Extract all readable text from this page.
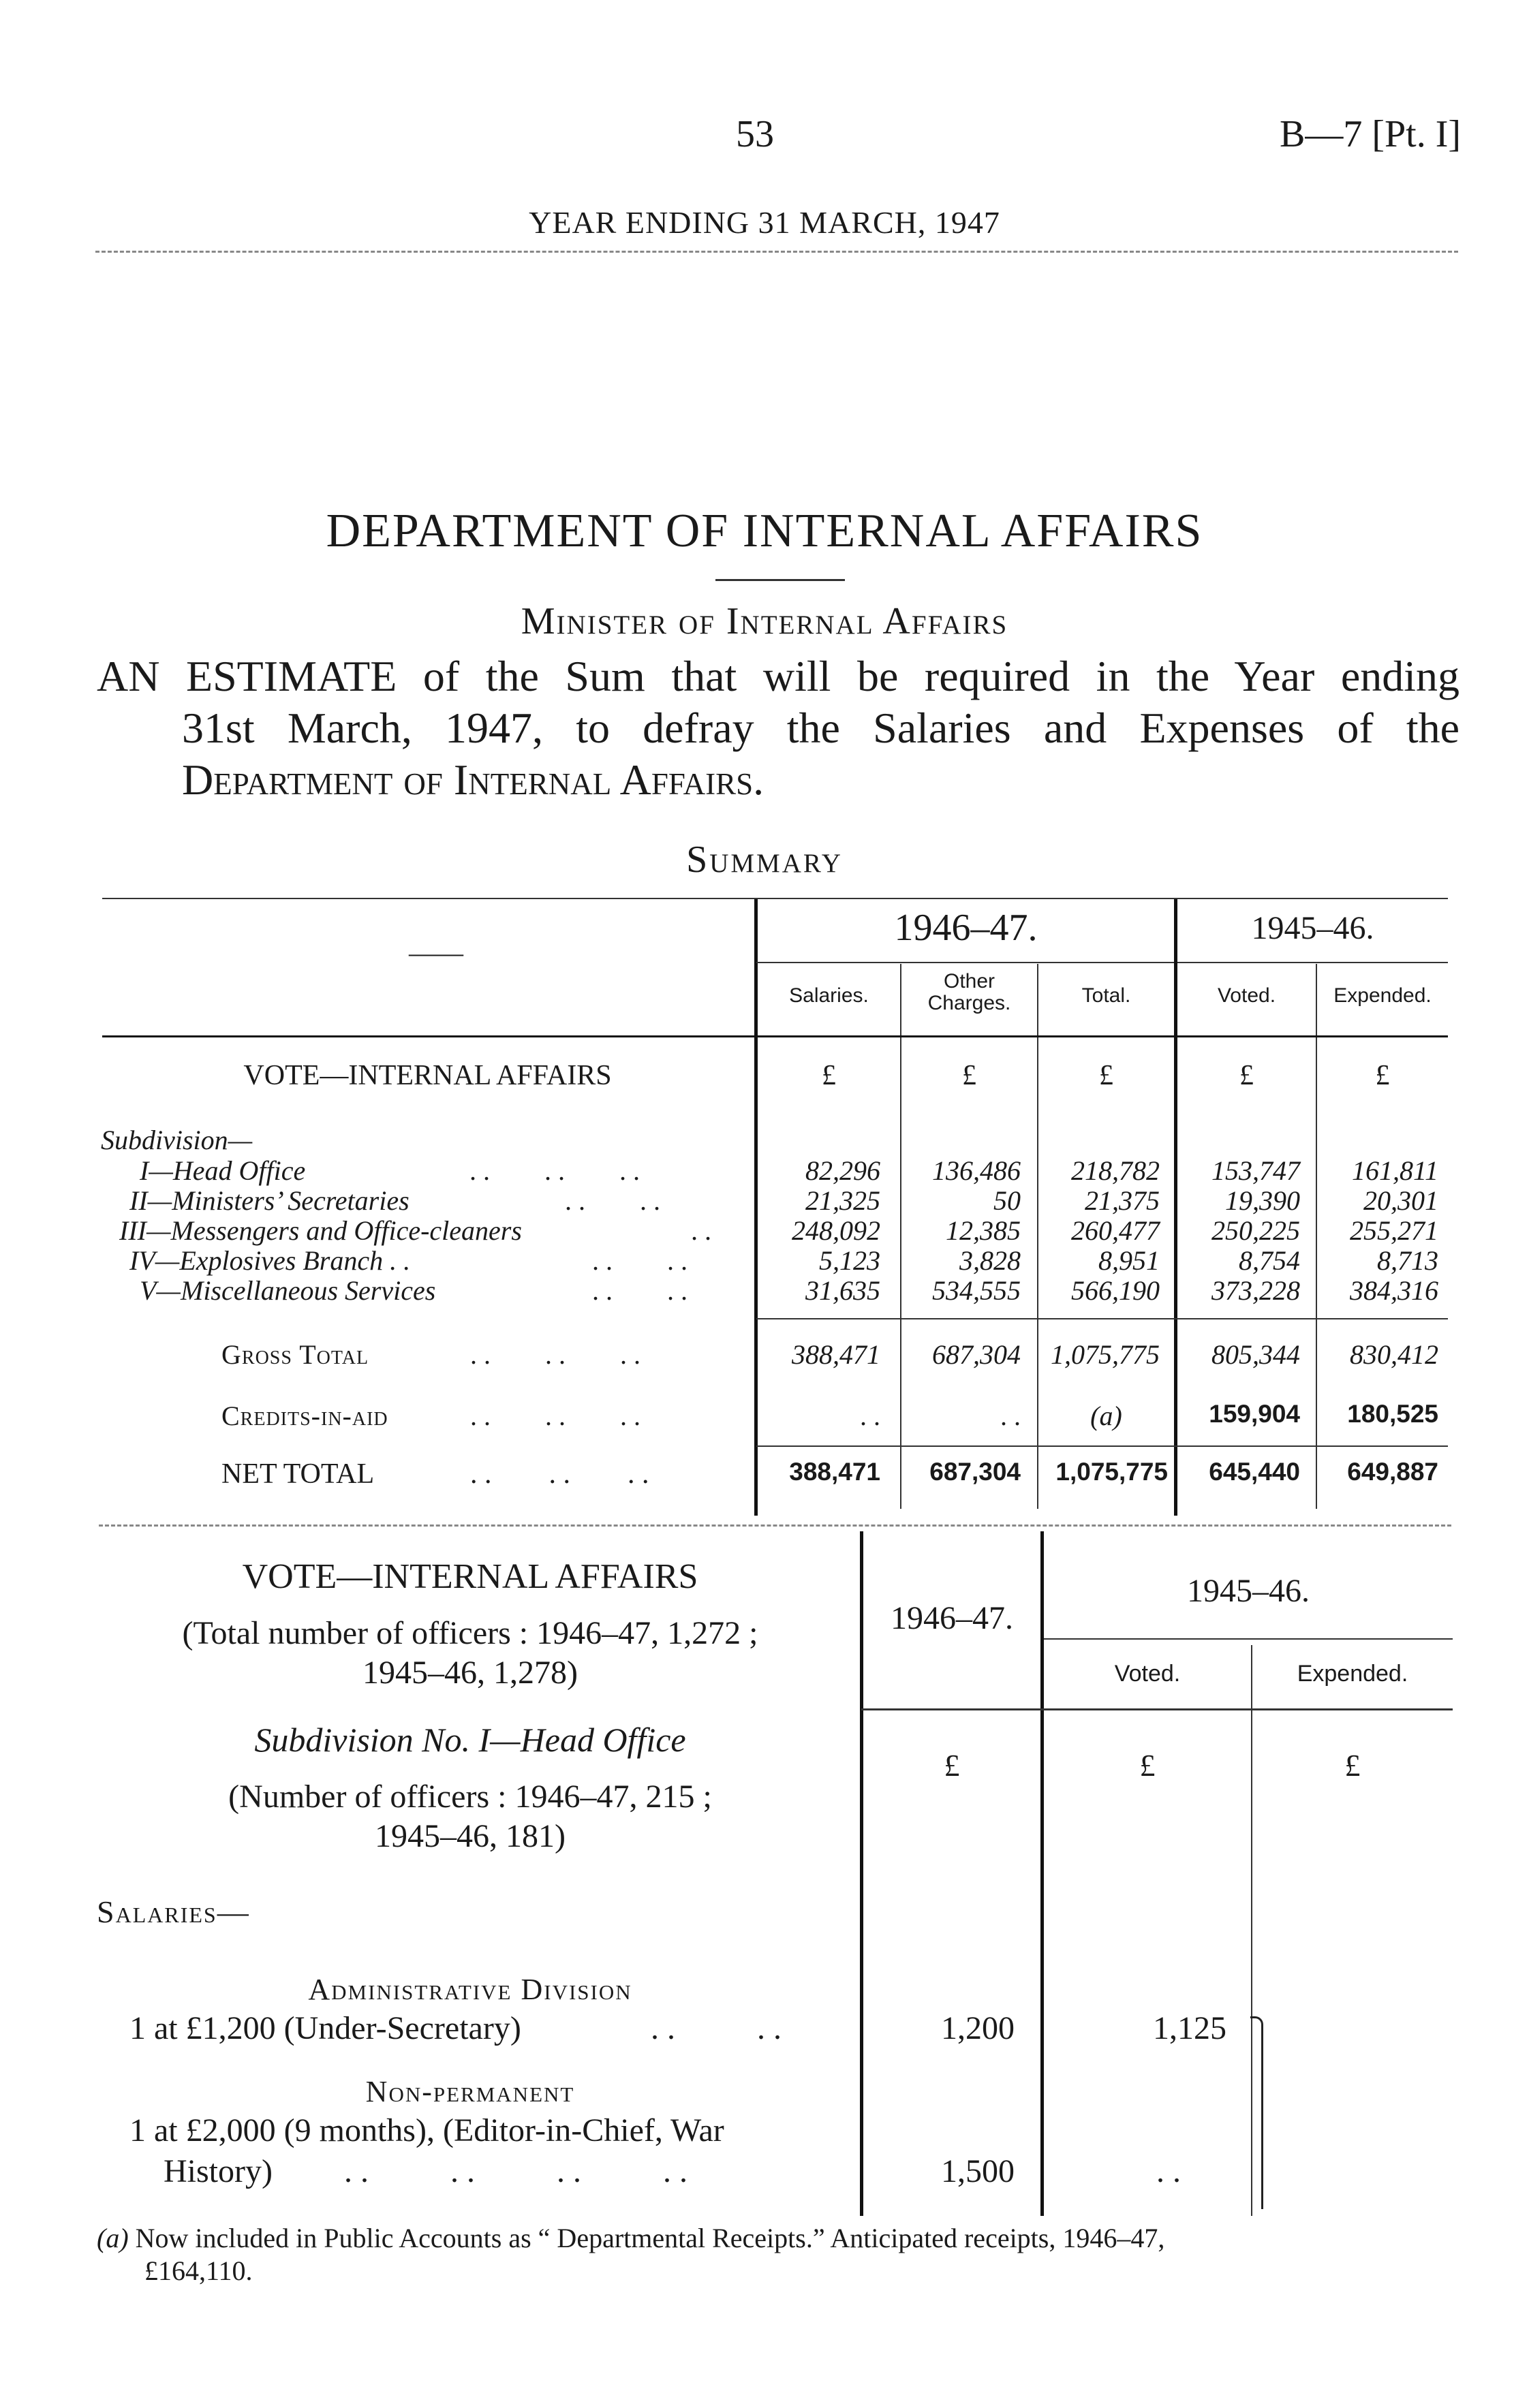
53	B—7 [Pt. I]
YEAR ENDING 31 MARCH, 1947
DEPARTMENT OF INTERNAL AFFAIRS
Minister of Internal Affairs
AN ESTIMATE of the Sum that will be required in the Year ending
31st March, 1947, to defray the Salaries and Expenses of the
Department of Internal Affairs.
Summary
——
1946–47.	1945–46.
Salaries.
Other
Charges.	Total.	Voted.	Expended.
VOTE—INTERNAL AFFAIRS	£	£	£	£	£
Subdivision—
I—Head Office	. .        . .        . .	82,296	136,486	218,782	153,747	161,811
II—Ministers’ Secretaries	. .        . .	21,325	50	21,375	19,390	20,301
III—Messengers and Office-cleaners	. .	248,092	12,385	260,477	250,225	255,271
IV—Explosives Branch . .	. .        . .	5,123	3,828	8,951	8,754	8,713
V—Miscellaneous Services	. .        . .	31,635	534,555	566,190	373,228	384,316
Gross Total	. .        . .        . .	388,471	687,304	1,075,775	805,344	830,412
Credits-in-aid	. .        . .        . .	. .	. .	(a)	159,904	180,525
NET TOTAL	. .        . .        . .	388,471	687,304	1,075,775	645,440	649,887
VOTE—INTERNAL AFFAIRS
(Total number of officers : 1946–47, 1,272 ;
1945–46, 1,278)
1946–47.
1945–46.
Voted.	Expended.
Subdivision No. I—Head Office
(Number of officers : 1946–47, 215 ;
1945–46, 181)
£	£	£
Salaries—
Administrative Division
1 at £1,200 (Under-Secretary)	. .          . .	1,200	1,125
Non-permanent
1 at £2,000 (9 months), (Editor-in-Chief, War
History) . .          . .          . .          . .	1,500	. .
(a) Now included in Public Accounts as “ Departmental Receipts.” Anticipated receipts, 1946–47,
£164,110.
